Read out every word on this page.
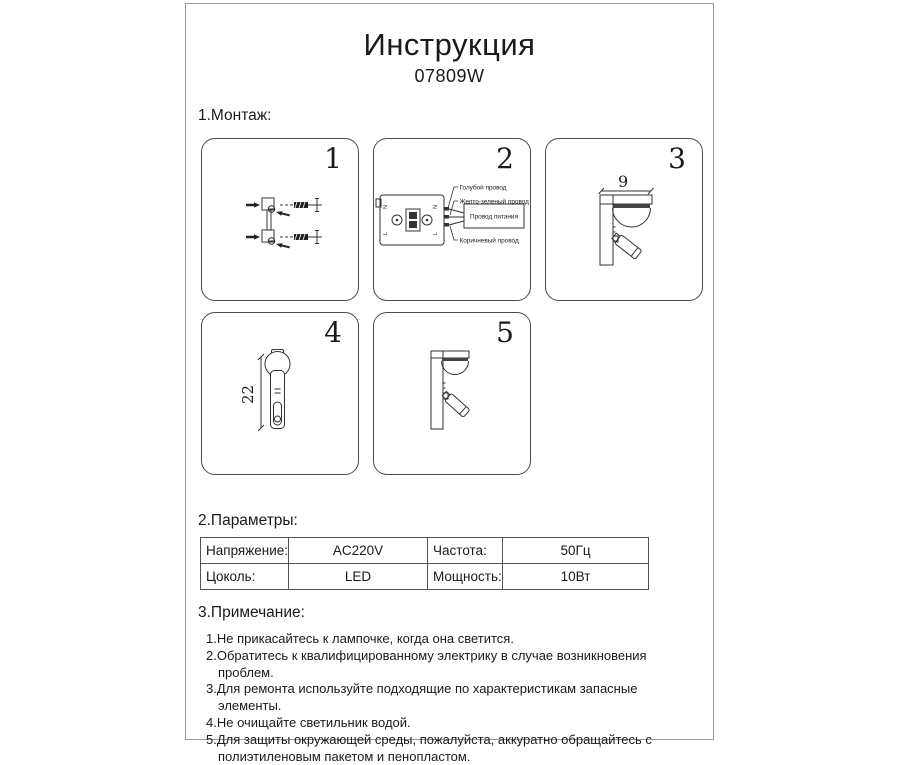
Инструкция
07809W
1.Монтаж:
1
N
L
N
L
Голубой провод
Желто-зеленый провод
Провод питания
Коричневый провод
2
9
3
22
4	5
2.Параметры:
Напряжение:	AC220V	Частота:	50Гц
Цоколь:	LED	Мощность:	10Вт
3.Примечание:
1.Не прикасайтесь к лампочке, когда она светится.
2.Обратитесь к квалифицированному электрику в случае возникновения проблем.
3.Для ремонта используйте подходящие по характеристикам запасные элементы.
4.Не очищайте светильник водой.
5.Для защиты окружающей среды, пожалуйста, аккуратно обращайтесь с полиэтиленовым пакетом и пенопластом.
